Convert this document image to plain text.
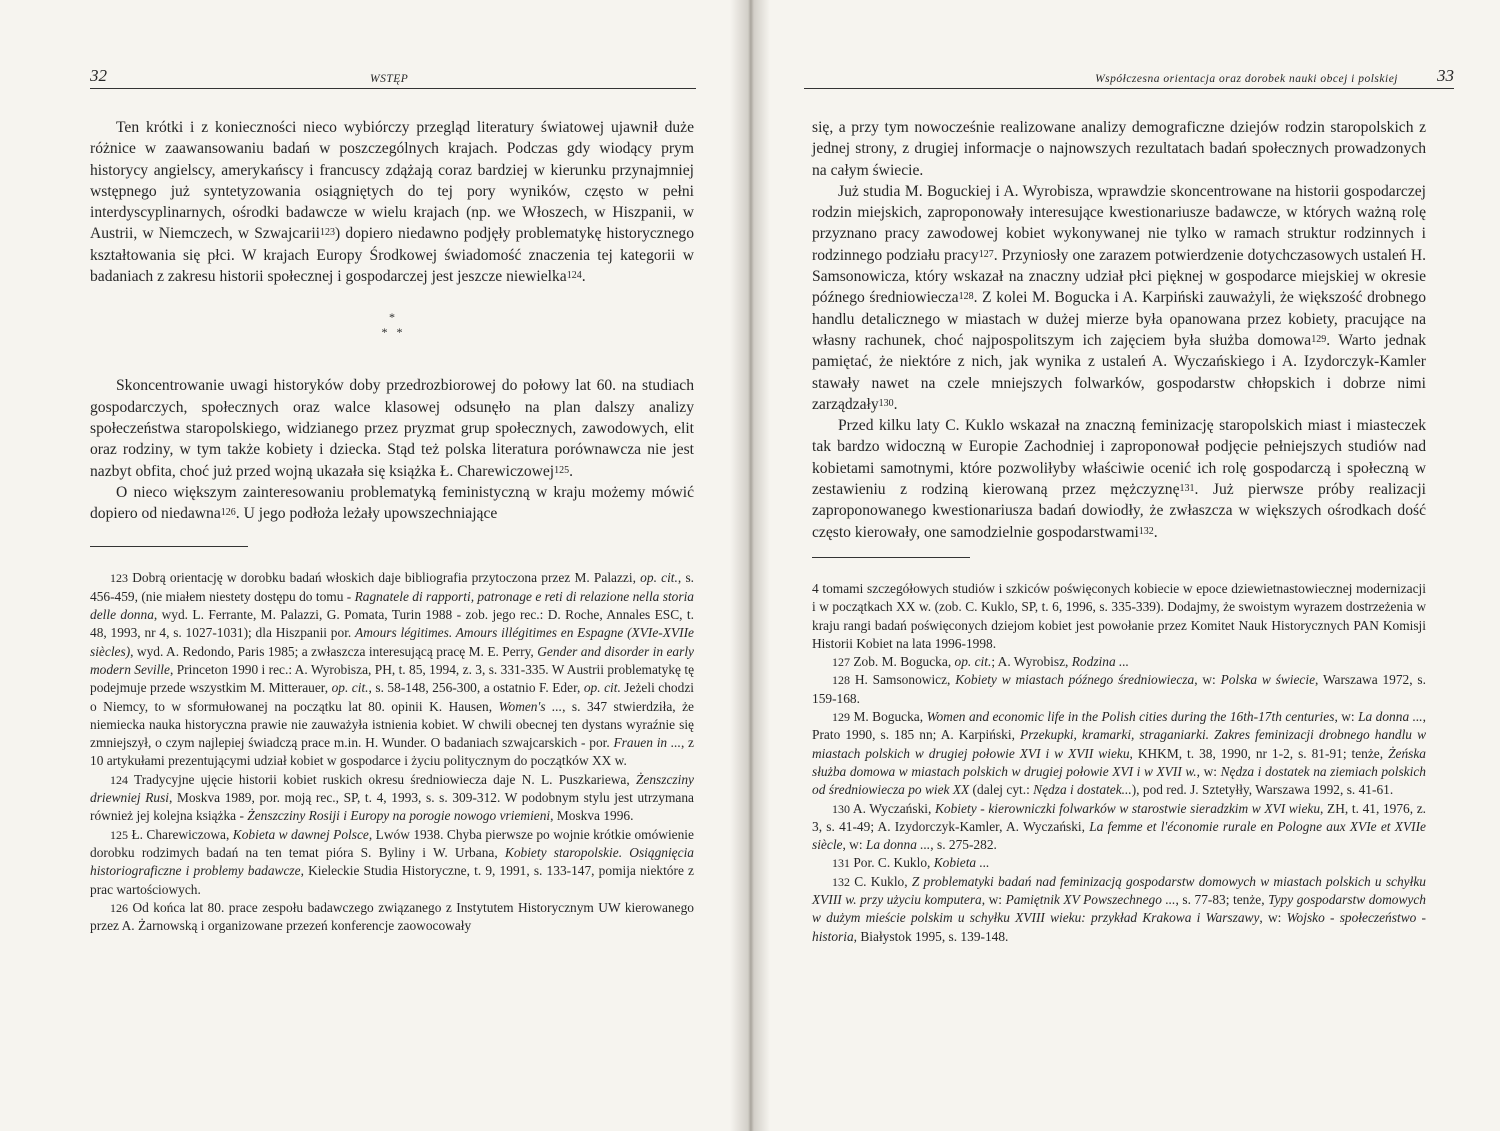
32	WSTĘP

Ten krótki i z konieczności nieco wybiórczy przegląd literatury światowej ujawnił duże różnice w zaawansowaniu badań w poszczególnych krajach. Podczas gdy wiodący prym historycy angielscy, amerykańscy i francuscy zdążają coraz bardziej w kierunku przynajmniej wstępnego już syntetyzowania osiągniętych do tej pory wyników, często w pełni interdyscyplinarnych, ośrodki badawcze w wielu krajach (np. we Włoszech, w Hiszpanii, w Austrii, w Niemczech, w Szwajcarii$^{123}$) dopiero niedawno podjęły problematykę historycznego kształtowania się płci. W krajach Europy Środkowej świadomość znaczenia tej kategorii w badaniach z zakresu historii społecznej i gospodarczej jest jeszcze niewielka$^{124}$.

*
*   *

Skoncentrowanie uwagi historyków doby przedrozbiorowej do połowy lat 60. na studiach gospodarczych, społecznych oraz walce klasowej odsunęło na plan dalszy analizy społeczeństwa staropolskiego, widzianego przez pryzmat grup społecznych, zawodowych, elit oraz rodziny, w tym także kobiety i dziecka. Stąd też polska literatura porównawcza nie jest nazbyt obfita, choć już przed wojną ukazała się książka Ł. Charewiczowej$^{125}$.

O nieco większym zainteresowaniu problematyką feministyczną w kraju możemy mówić dopiero od niedawna$^{126}$. U jego podłoża leżały upowszechniające

123 Dobrą orientację w dorobku badań włoskich daje bibliografia przytoczona przez M. Palazzi, op. cit., s. 456-459, (nie miałem niestety dostępu do tomu - Ragnatele di rapporti, patronage e reti di relazione nella storia delle donna, wyd. L. Ferrante, M. Palazzi, G. Pomata, Turin 1988 - zob. jego rec.: D. Roche, Annales ESC, t. 48, 1993, nr 4, s. 1027-1031); dla Hiszpanii por. Amours légitimes. Amours illégitimes en Espagne (XVIe-XVIIe siècles), wyd. A. Redondo, Paris 1985; a zwłaszcza interesującą pracę M. E. Perry, Gender and disorder in early modern Seville, Princeton 1990 i rec.: A. Wyrobisza, PH, t. 85, 1994, z. 3, s. 331-335. W Austrii problematykę tę podejmuje przede wszystkim M. Mitterauer, op. cit., s. 58-148, 256-300, a ostatnio F. Eder, op. cit. Jeżeli chodzi o Niemcy, to w sformułowanej na początku lat 80. opinii K. Hausen, Women's ..., s. 347 stwierdziła, że niemiecka nauka historyczna prawie nie zauważyła istnienia kobiet. W chwili obecnej ten dystans wyraźnie się zmniejszył, o czym najlepiej świadczą prace m.in. H. Wunder. O badaniach szwajcarskich - por. Frauen in ..., z 10 artykułami prezentującymi udział kobiet w gospodarce i życiu politycznym do początków XX w.

124 Tradycyjne ujęcie historii kobiet ruskich okresu średniowiecza daje N. L. Puszkariewa, Żenszcziny driewniej Rusi, Moskva 1989, por. moją rec., SP, t. 4, 1993, s. s. 309-312. W podobnym stylu jest utrzymana również jej kolejna książka - Żenszcziny Rosiji i Europy na porogie nowogo vriemieni, Moskva 1996.

125 Ł. Charewiczowa, Kobieta w dawnej Polsce, Lwów 1938. Chyba pierwsze po wojnie krótkie omówienie dorobku rodzimych badań na ten temat pióra S. Byliny i W. Urbana, Kobiety staropolskie. Osiągnięcia historiograficzne i problemy badawcze, Kieleckie Studia Historyczne, t. 9, 1991, s. 133-147, pomija niektóre z prac wartościowych.

126 Od końca lat 80. prace zespołu badawczego związanego z Instytutem Historycznym UW kierowanego przez A. Żarnowską i organizowane przezeń konferencje zaowocowały

Współczesna orientacja oraz dorobek nauki obcej i polskiej 33

się, a przy tym nowocześnie realizowane analizy demograficzne dziejów rodzin staropolskich z jednej strony, z drugiej informacje o najnowszych rezultatach badań społecznych prowadzonych na całym świecie.

Już studia M. Boguckiej i A. Wyrobisza, wprawdzie skoncentrowane na historii gospodarczej rodzin miejskich, zaproponowały interesujące kwestionariusze badawcze, w których ważną rolę przyznano pracy zawodowej kobiet wykonywanej nie tylko w ramach struktur rodzinnych i rodzinnego podziału pracy$^{127}$. Przyniosły one zarazem potwierdzenie dotychczasowych ustaleń H. Samsonowicza, który wskazał na znaczny udział płci pięknej w gospodarce miejskiej w okresie późnego średniowiecza$^{128}$. Z kolei M. Bogucka i A. Karpiński zauważyli, że większość drobnego handlu detalicznego w miastach w dużej mierze była opanowana przez kobiety, pracujące na własny rachunek, choć najpospolitszym ich zajęciem była służba domowa$^{129}$. Warto jednak pamiętać, że niektóre z nich, jak wynika z ustaleń A. Wyczańskiego i A. Izydorczyk-Kamler stawały nawet na czele mniejszych folwarków, gospodarstw chłopskich i dobrze nimi zarządzały$^{130}$.

Przed kilku laty C. Kuklo wskazał na znaczną feminizację staropolskich miast i miasteczek tak bardzo widoczną w Europie Zachodniej i zaproponował podjęcie pełniejszych studiów nad kobietami samotnymi, które pozwoliłyby właściwie ocenić ich rolę gospodarczą i społeczną w zestawieniu z rodziną kierowaną przez mężczyznę$^{131}$. Już pierwsze próby realizacji zaproponowanego kwestionariusza badań dowiodły, że zwłaszcza w większych ośrodkach dość często kierowały, one samodzielnie gospodarstwami$^{132}$.

4 tomami szczegółowych studiów i szkiców poświęconych kobiecie w epoce dziewietnastowiecznej modernizacji i w początkach XX w. (zob. C. Kuklo, SP, t. 6, 1996, s. 335-339). Dodajmy, że swoistym wyrazem dostrzeżenia w kraju rangi badań poświęconych dziejom kobiet jest powołanie przez Komitet Nauk Historycznych PAN Komisji Historii Kobiet na lata 1996-1998.

127 Zob. M. Bogucka, op. cit.; A. Wyrobisz, Rodzina ...

128 H. Samsonowicz, Kobiety w miastach późnego średniowiecza, w: Polska w świecie, Warszawa 1972, s. 159-168.

129 M. Bogucka, Women and economic life in the Polish cities during the 16th-17th centuries, w: La donna ..., Prato 1990, s. 185 nn; A. Karpiński, Przekupki, kramarki, straganiarki. Zakres feminizacji drobnego handlu w miastach polskich w drugiej połowie XVI i w XVII wieku, KHKM, t. 38, 1990, nr 1-2, s. 81-91; tenże, Żeńska służba domowa w miastach polskich w drugiej połowie XVI i w XVII w., w: Nędza i dostatek na ziemiach polskich od średniowiecza po wiek XX (dalej cyt.: Nędza i dostatek...), pod red. J. Sztetyłły, Warszawa 1992, s. 41-61.

130 A. Wyczański, Kobiety - kierowniczki folwarków w starostwie sieradzkim w XVI wieku, ZH, t. 41, 1976, z. 3, s. 41-49; A. Izydorczyk-Kamler, A. Wyczański, La femme et l'économie rurale en Pologne aux XVIe et XVIIe siècle, w: La donna ..., s. 275-282.

131 Por. C. Kuklo, Kobieta ...

132 C. Kuklo, Z problematyki badań nad feminizacją gospodarstw domowych w miastach polskich u schyłku XVIII w. przy użyciu komputera, w: Pamiętnik XV Powszechnego ..., s. 77-83; tenże, Typy gospodarstw domowych w dużym mieście polskim u schyłku XVIII wieku: przykład Krakowa i Warszawy, w: Wojsko - społeczeństwo - historia, Białystok 1995, s. 139-148.
